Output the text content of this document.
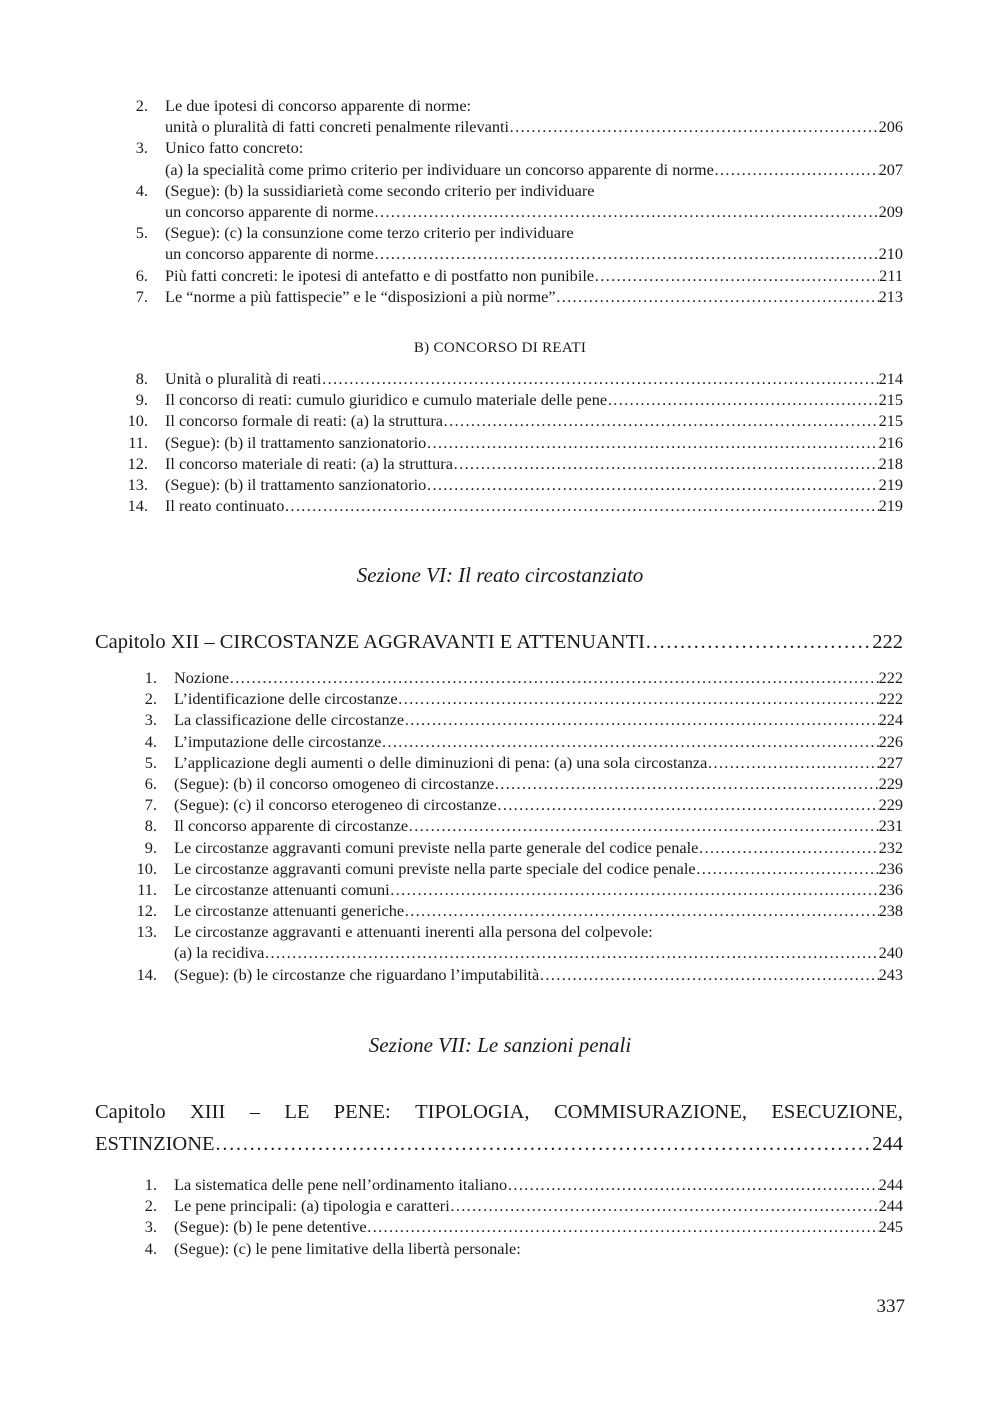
2. Le due ipotesi di concorso apparente di norme:
unità o pluralità di fatti concreti penalmente rilevanti ……………………………………………………………………………………………………………………………………………………………………………………………………	206
3. Unico fatto concreto:
(a) la specialità come primo criterio per individuare un concorso apparente di norme ……………………………………………………………………………………………………………………………………………………………………………………………………	207
4. (Segue): (b) la sussidiarietà come secondo criterio per individuare
un concorso apparente di norme ……………………………………………………………………………………………………………………………………………………………………………………………………	209
5. (Segue): (c) la consunzione come terzo criterio per individuare
un concorso apparente di norme ……………………………………………………………………………………………………………………………………………………………………………………………………	210
6. Più fatti concreti: le ipotesi di antefatto e di postfatto non punibile ……………………………………………………………………………………………………………………………………………………………………………………………………	211
7. Le “norme a più fattispecie” e le “disposizioni a più norme” ……………………………………………………………………………………………………………………………………………………………………………………………………	213
B) CONCORSO DI REATI
8. Unità o pluralità di reati ……………………………………………………………………………………………………………………………………………………………………………………………………	214
9. Il concorso di reati: cumulo giuridico e cumulo materiale delle pene ……………………………………………………………………………………………………………………………………………………………………………………………………	215
10. Il concorso formale di reati: (a) la struttura ……………………………………………………………………………………………………………………………………………………………………………………………………	215
11. (Segue): (b) il trattamento sanzionatorio ……………………………………………………………………………………………………………………………………………………………………………………………………	216
12. Il concorso materiale di reati: (a) la struttura ……………………………………………………………………………………………………………………………………………………………………………………………………	218
13. (Segue): (b) il trattamento sanzionatorio ……………………………………………………………………………………………………………………………………………………………………………………………………	219
14. Il reato continuato ……………………………………………………………………………………………………………………………………………………………………………………………………	219
Sezione VI: Il reato circostanziato
Capitolo XII – CIRCOSTANZE AGGRAVANTI E ATTENUANTI ……………………………………………………………………………………………………………………	222
1. Nozione ……………………………………………………………………………………………………………………………………………………………………………………………………	222
2. L’identificazione delle circostanze ……………………………………………………………………………………………………………………………………………………………………………………………………	222
3. La classificazione delle circostanze ……………………………………………………………………………………………………………………………………………………………………………………………………	224
4. L’imputazione delle circostanze ……………………………………………………………………………………………………………………………………………………………………………………………………	226
5. L’applicazione degli aumenti o delle diminuzioni di pena: (a) una sola circostanza ……………………………………………………………………………………………………………………………………………………………………………………………………	227
6. (Segue): (b) il concorso omogeneo di circostanze ……………………………………………………………………………………………………………………………………………………………………………………………………	229
7. (Segue): (c) il concorso eterogeneo di circostanze ……………………………………………………………………………………………………………………………………………………………………………………………………	229
8. Il concorso apparente di circostanze ……………………………………………………………………………………………………………………………………………………………………………………………………	231
9. Le circostanze aggravanti comuni previste nella parte generale del codice penale ……………………………………………………………………………………………………………………………………………………………………………………………………	232
10. Le circostanze aggravanti comuni previste nella parte speciale del codice penale ……………………………………………………………………………………………………………………………………………………………………………………………………	236
11. Le circostanze attenuanti comuni ……………………………………………………………………………………………………………………………………………………………………………………………………	236
12. Le circostanze attenuanti generiche ……………………………………………………………………………………………………………………………………………………………………………………………………	238
13. Le circostanze aggravanti e attenuanti inerenti alla persona del colpevole:
(a) la recidiva ……………………………………………………………………………………………………………………………………………………………………………………………………	240
14. (Segue): (b) le circostanze che riguardano l’imputabilità ……………………………………………………………………………………………………………………………………………………………………………………………………	243
Sezione VII: Le sanzioni penali
Capitolo XIII – LE PENE: TIPOLOGIA, COMMISURAZIONE, ESECUZIONE,
ESTINZIONE ……………………………………………………………………………………………………………………	244
1. La sistematica delle pene nell’ordinamento italiano ……………………………………………………………………………………………………………………………………………………………………………………………………	244
2. Le pene principali: (a) tipologia e caratteri ……………………………………………………………………………………………………………………………………………………………………………………………………	244
3. (Segue): (b) le pene detentive ……………………………………………………………………………………………………………………………………………………………………………………………………	245
4. (Segue): (c) le pene limitative della libertà personale:
337
